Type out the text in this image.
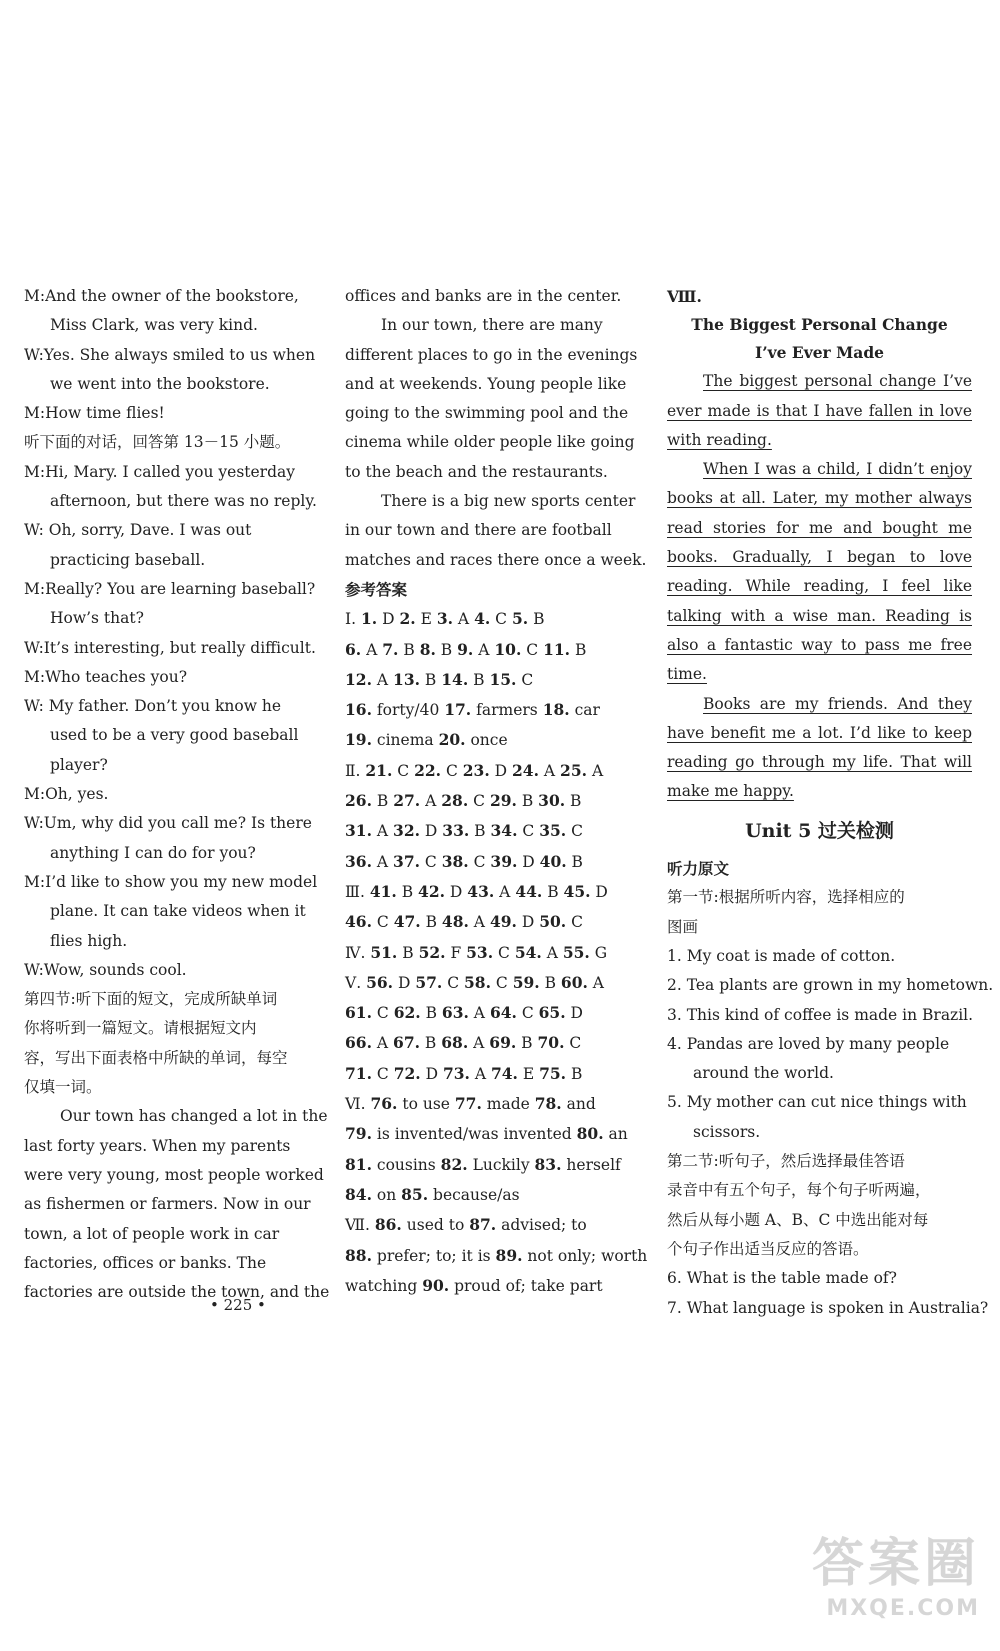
M:And the owner of the bookstore,
Miss Clark, was very kind.
W:Yes. She always smiled to us when
we went into the bookstore.
M:How time flies!
听下面的对话，回答第 13－15 小题。
M:Hi, Mary. I called you yesterday
afternoon, but there was no reply.
W: Oh, sorry, Dave. I was out
practicing baseball.
M:Really? You are learning baseball?
How’s that?
W:It’s interesting, but really difficult.
M:Who teaches you?
W: My father. Don’t you know he
used to be a very good baseball
player?
M:Oh, yes.
W:Um, why did you call me? Is there
anything I can do for you?
M:I’d like to show you my new model
plane. It can take videos when it
flies high.
W:Wow, sounds cool.
第四节:听下面的短文，完成所缺单词
你将听到一篇短文。请根据短文内
容，写出下面表格中所缺的单词，每空
仅填一词。
Our town has changed a lot in the
last forty years. When my parents
were very young, most people worked
as fishermen or farmers. Now in our
town, a lot of people work in car
factories, offices or banks. The
factories are outside the town, and the
offices and banks are in the center.
In our town, there are many
different places to go in the evenings
and at weekends. Young people like
going to the swimming pool and the
cinema while older people like going
to the beach and the restaurants.
There is a big new sports center
in our town and there are football
matches and races there once a week.
参考答案
Ⅰ. 1. D 2. E 3. A 4. C 5. B
6. A 7. B 8. B 9. A 10. C 11. B
12. A 13. B 14. B 15. C
16. forty/40 17. farmers 18. car
19. cinema 20. once
Ⅱ. 21. C 22. C 23. D 24. A 25. A
26. B 27. A 28. C 29. B 30. B
31. A 32. D 33. B 34. C 35. C
36. A 37. C 38. C 39. D 40. B
Ⅲ. 41. B 42. D 43. A 44. B 45. D
46. C 47. B 48. A 49. D 50. C
Ⅳ. 51. B 52. F 53. C 54. A 55. G
Ⅴ. 56. D 57. C 58. C 59. B 60. A
61. C 62. B 63. A 64. C 65. D
66. A 67. B 68. A 69. B 70. C
71. C 72. D 73. A 74. E 75. B
Ⅵ. 76. to use 77. made 78. and
79. is invented/was invented 80. an
81. cousins 82. Luckily 83. herself
84. on 85. because/as
Ⅶ. 86. used to 87. advised; to
88. prefer; to; it is 89. not only; worth
watching 90. proud of; take part
Ⅷ.
The Biggest Personal Change
I’ve Ever Made

The biggest personal change I’ve ever made is that I have fallen in love with reading.

When I was a child, I didn’t enjoy books at all. Later, my mother always read stories for me and bought me books. Gradually, I began to love reading. While reading, I feel like talking with a wise man. Reading is also a fantastic way to pass me free time.

Books are my friends. And they have benefit me a lot. I’d like to keep reading go through my life. That will make me happy.

Unit 5 过关检测
听力原文
第一节:根据所听内容，选择相应的
图画
1. My coat is made of cotton.
2. Tea plants are grown in my hometown.
3. This kind of coffee is made in Brazil.
4. Pandas are loved by many people
around the world.
5. My mother can cut nice things with
scissors.
第二节:听句子，然后选择最佳答语
录音中有五个句子，每个句子听两遍，
然后从每小题 A、B、C 中选出能对每
个句子作出适当反应的答语。
6. What is the table made of?
7. What language is spoken in Australia?
• 225 •
答案圈
MXQE.COM
